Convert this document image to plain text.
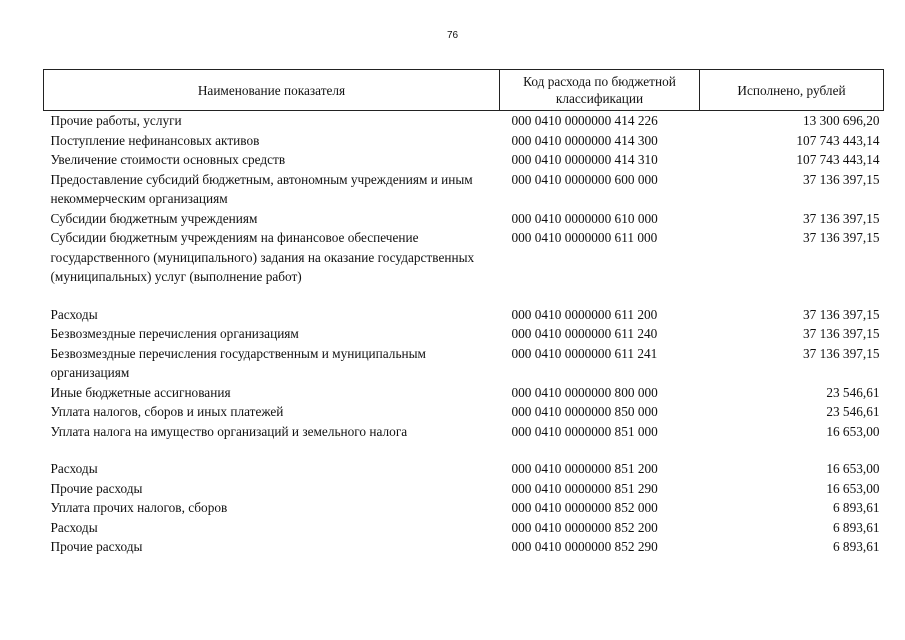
76
Наименование показателя	Код расхода по бюджетной классификации	Исполнено, рублей
Прочие работы, услуги	000 0410 0000000 414 226	13 300 696,20
Поступление нефинансовых активов	000 0410 0000000 414 300	107 743 443,14
Увеличение стоимости основных средств	000 0410 0000000 414 310	107 743 443,14
Предоставление субсидий бюджетным, автономным учреждениям и иным некоммерческим организациям	000 0410 0000000 600 000	37 136 397,15
Субсидии бюджетным учреждениям	000 0410 0000000 610 000	37 136 397,15
Субсидии бюджетным учреждениям на финансовое обеспечение государственного (муниципального) задания на оказание государственных (муниципальных) услуг (выполнение работ)	000 0410 0000000 611 000	37 136 397,15

Расходы	000 0410 0000000 611 200	37 136 397,15
Безвозмездные перечисления организациям	000 0410 0000000 611 240	37 136 397,15
Безвозмездные перечисления государственным и муниципальным организациям	000 0410 0000000 611 241	37 136 397,15
Иные бюджетные ассигнования	000 0410 0000000 800 000	23 546,61
Уплата налогов, сборов и иных платежей	000 0410 0000000 850 000	23 546,61
Уплата налога на имущество организаций и земельного налога	000 0410 0000000 851 000	16 653,00

Расходы	000 0410 0000000 851 200	16 653,00
Прочие расходы	000 0410 0000000 851 290	16 653,00
Уплата прочих налогов, сборов	000 0410 0000000 852 000	6 893,61
Расходы	000 0410 0000000 852 200	6 893,61
Прочие расходы	000 0410 0000000 852 290	6 893,61
